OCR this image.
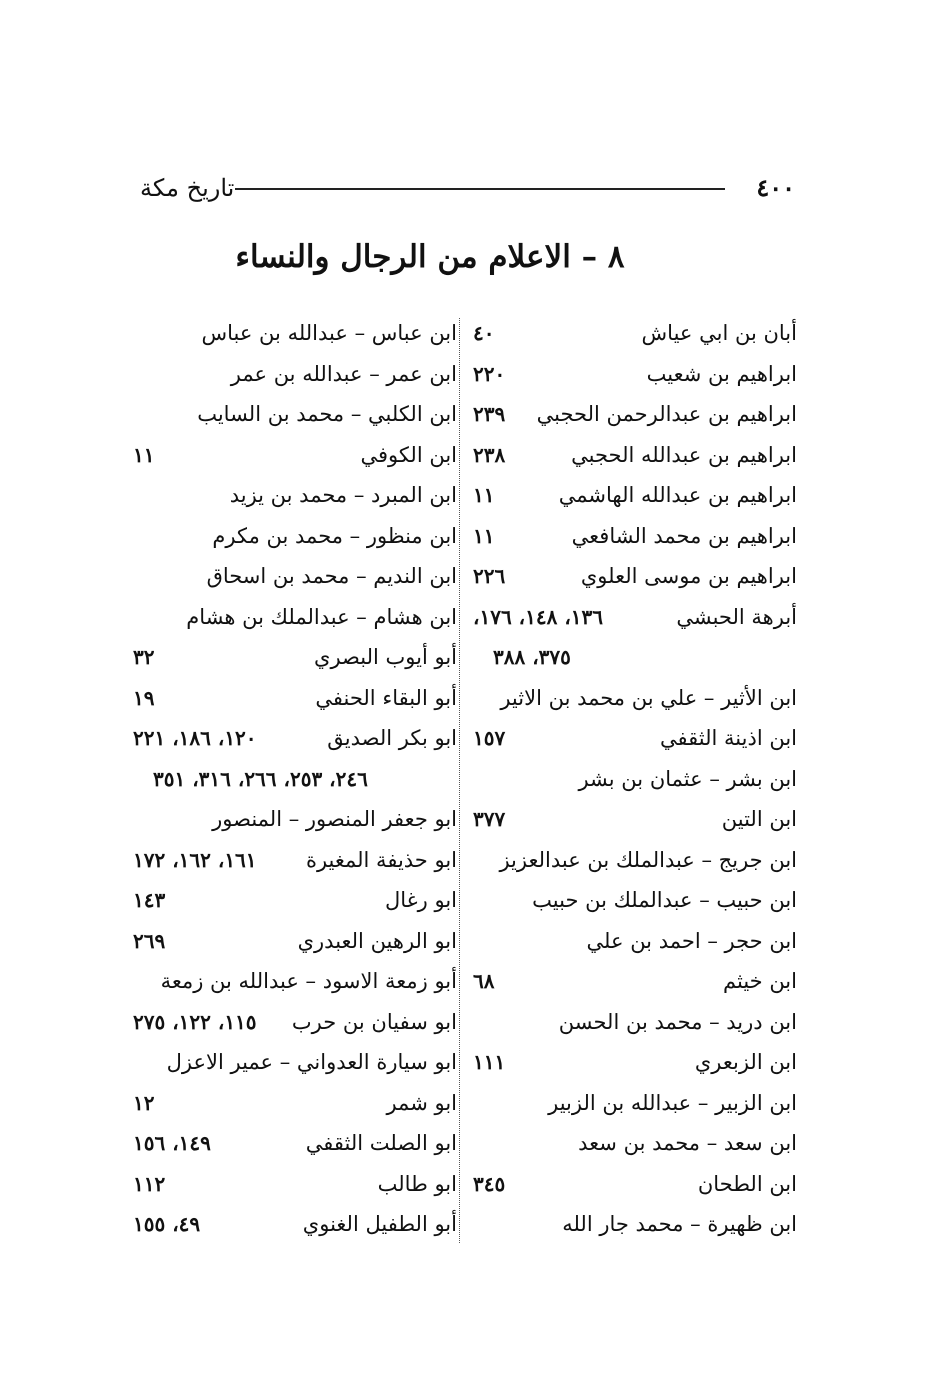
تاريخ مكة	٤٠٠
٨ – الاعلام من الرجال والنساء
أبان بن ابي عياش
٤٠
ابراهيم بن شعيب
٢٢٠
ابراهيم بن عبدالرحمن الحجبي
٢٣٩
ابراهيم بن عبدالله الحجبي
٢٣٨
ابراهيم بن عبدالله الهاشمي
١١
ابراهيم بن محمد الشافعي
١١
ابراهيم بن موسى العلوي
٢٢٦
أبرهة الحبشي
١٣٦، ١٤٨، ١٧٦،
٣٧٥، ٣٨٨
ابن الأثير – علي بن محمد بن الاثير
ابن اذينة الثقفي
١٥٧
ابن بشر – عثمان بن بشر
ابن التين
٣٧٧
ابن جريج – عبدالملك بن عبدالعزيز
ابن حبيب – عبدالملك بن حبيب
ابن حجر – احمد بن علي
ابن خيثم
٦٨
ابن دريد – محمد بن الحسن
ابن الزبعري
١١١
ابن الزبير – عبدالله بن الزبير
ابن سعد – محمد بن سعد
ابن الطحان
٣٤٥
ابن ظهيرة – محمد جار الله
ابن عباس – عبدالله بن عباس
ابن عمر – عبدالله بن عمر
ابن الكلبي – محمد بن السايب
ابن الكوفي
١١
ابن المبرد – محمد بن يزيد
ابن منظور – محمد بن مكرم
ابن النديم – محمد بن اسحاق
ابن هشام – عبدالملك بن هشام
أبو أيوب البصري
٣٢
أبو البقاء الحنفي
١٩
ابو بكر الصديق
١٢٠، ١٨٦، ٢٢١
٢٤٦، ٢٥٣، ٢٦٦، ٣١٦، ٣٥١
ابو جعفر المنصور – المنصور
ابو حذيفة المغيرة
١٦١، ١٦٢، ١٧٢
ابو رغال
١٤٣
ابو الرهين العبدري
٢٦٩
أبو زمعة الاسود – عبدالله بن زمعة
ابو سفيان بن حرب
١١٥، ١٢٢، ٢٧٥
ابو سيارة العدواني – عمير الاعزل
ابو شمر
١٢
ابو الصلت الثقفي
١٤٩، ١٥٦
ابو طالب
١١٢
أبو الطفيل الغنوي
٤٩، ١٥٥
